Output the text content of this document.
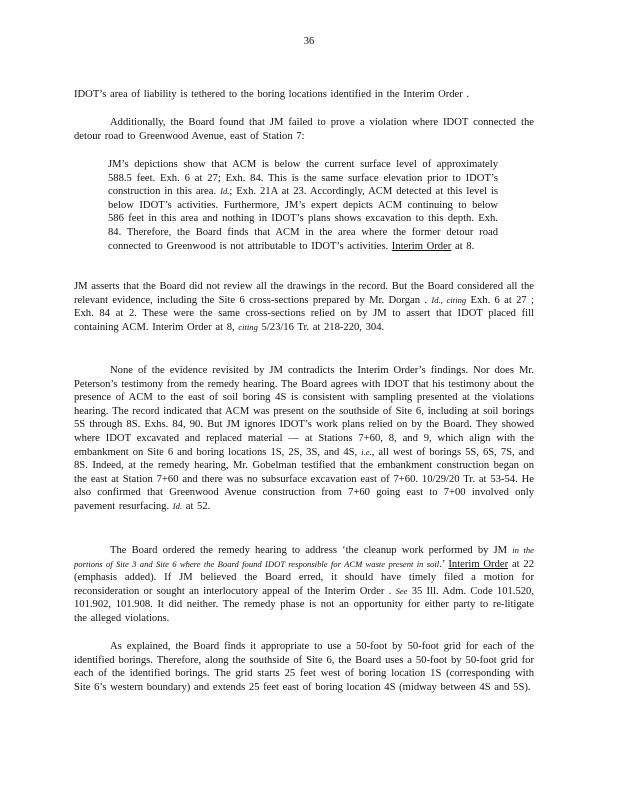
36
IDOT’s area of liability is tethered to the boring locations identified in the Interim Order .
Additionally, the Board found that JM failed to prove a violation where IDOT connected the detour road to Greenwood Avenue, east of Station 7:
JM’s depictions show that ACM is below the current surface level of approximately 588.5 feet. Exh. 6 at 27; Exh. 84. This is the same surface elevation prior to IDOT’s construction in this area. Id.; Exh. 21A at 23. Accordingly, ACM detected at this level is below IDOT’s activities. Furthermore, JM’s expert depicts ACM continuing to below 586 feet in this area and nothing in IDOT’s plans shows excavation to this depth. Exh. 84. Therefore, the Board finds that ACM in the area where the former detour road connected to Greenwood is not attributable to IDOT’s activities. Interim Order at 8.
JM asserts that the Board did not review all the drawings in the record. But the Board considered all the relevant evidence, including the Site 6 cross-sections prepared by Mr. Dorgan . Id., citing Exh. 6 at 27 ; Exh. 84 at 2. These were the same cross-sections relied on by JM to assert that IDOT placed fill containing ACM. Interim Order at 8, citing 5/23/16 Tr. at 218-220, 304.
None of the evidence revisited by JM contradicts the Interim Order’s findings. Nor does Mr. Peterson’s testimony from the remedy hearing. The Board agrees with IDOT that his testimony about the presence of ACM to the east of soil boring 4S is consistent with sampling presented at the violations hearing. The record indicated that ACM was present on the southside of Site 6, including at soil borings 5S through 8S. Exhs. 84, 90. But JM ignores IDOT’s work plans relied on by the Board. They showed where IDOT excavated and replaced material — at Stations 7+60, 8, and 9, which align with the embankment on Site 6 and boring locations 1S, 2S, 3S, and 4S, i.e., all west of borings 5S, 6S, 7S, and 8S. Indeed, at the remedy hearing, Mr. Gobelman testified that the embankment construction began on the east at Station 7+60 and there was no subsurface excavation east of 7+60. 10/29/20 Tr. at 53-54. He also confirmed that Greenwood Avenue construction from 7+60 going east to 7+00 involved only pavement resurfacing. Id. at 52.
The Board ordered the remedy hearing to address ‘the cleanup work performed by JM in the portions of Site 3 and Site 6 where the Board found IDOT responsible for ACM waste present in soil.’ Interim Order at 22 (emphasis added). If JM believed the Board erred, it should have timely filed a motion for reconsideration or sought an interlocutory appeal of the Interim Order . See 35 Ill. Adm. Code 101.520, 101.902, 101.908. It did neither. The remedy phase is not an opportunity for either party to re-litigate the alleged violations.
As explained, the Board finds it appropriate to use a 50-foot by 50-foot grid for each of the identified borings. Therefore, along the southside of Site 6, the Board uses a 50-foot by 50-foot grid for each of the identified borings. The grid starts 25 feet west of boring location 1S (corresponding with Site 6’s western boundary) and extends 25 feet east of boring location 4S (midway between 4S and 5S).
